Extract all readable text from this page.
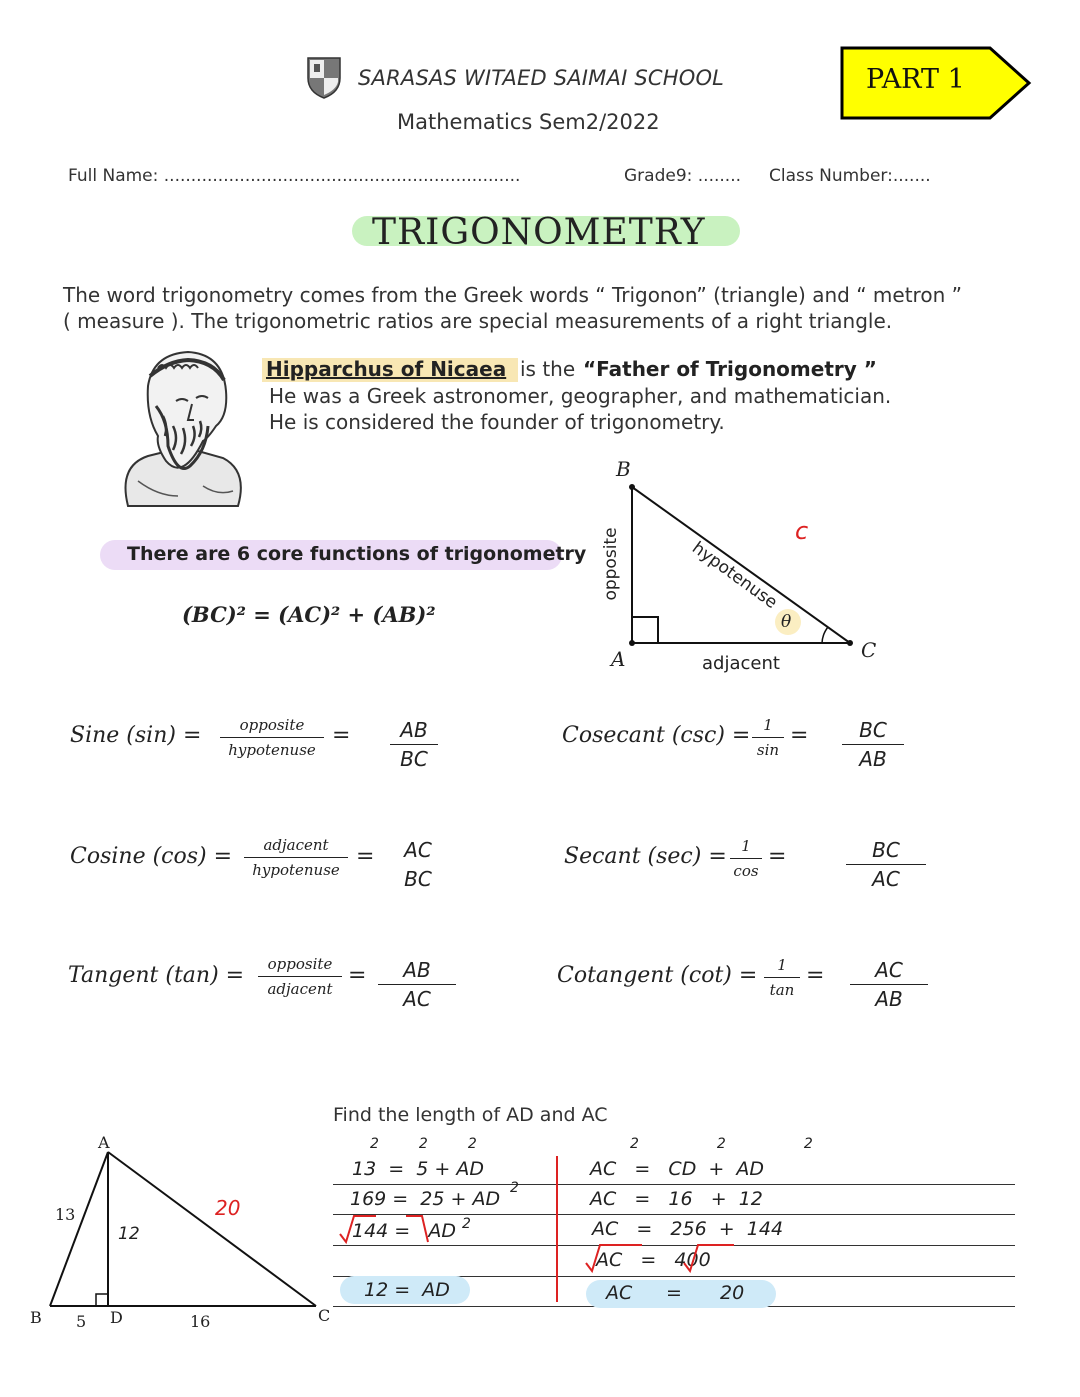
SARASAS WITAED SAIMAI SCHOOL
Mathematics Sem2/2022
PART 1
Full Name: ..................................................................	Grade9: ........ Class Number:.......
TRIGONOMETRY
The word trigonometry comes from the Greek words “ Trigonon” (triangle) and “ metron ”
( measure ). The trigonometric ratios are special measurements of a right triangle.
Hipparchus of Nicaea is the “Father of Trigonometry ”
He was a Greek astronomer, geographer, and mathematician.
He is considered the founder of trigonometry.
There are 6 core functions of trigonometry
(BC)² = (AC)² + (AB)²
B
A	C
opposite	hypotenuse
c
θ
adjacent
Sine (sin) =	opposite
hypotenuse
=	AB
BC
Cosecant (csc) = 1
sin
=	BC
AB
Cosine (cos) =	adjacent
hypotenuse
=	AC
BC
Secant (sec) = 1
cos
=	BC
AC
Tangent (tan) =	opposite
adjacent
=	AB
AC
Cotangent (cot) =	1
tan
=	AC
AB
Find the length of AD and AC
A
B	C
D
13
12
20
5	16
222
13  =  5 + AD
169 =  25 + AD 2
144 =   AD 2
12 =  AD
2	2	2
AC   =   CD  +  AD
AC   =   16   +  12
AC   =   256  +  144
AC   =   400
AC = 20
